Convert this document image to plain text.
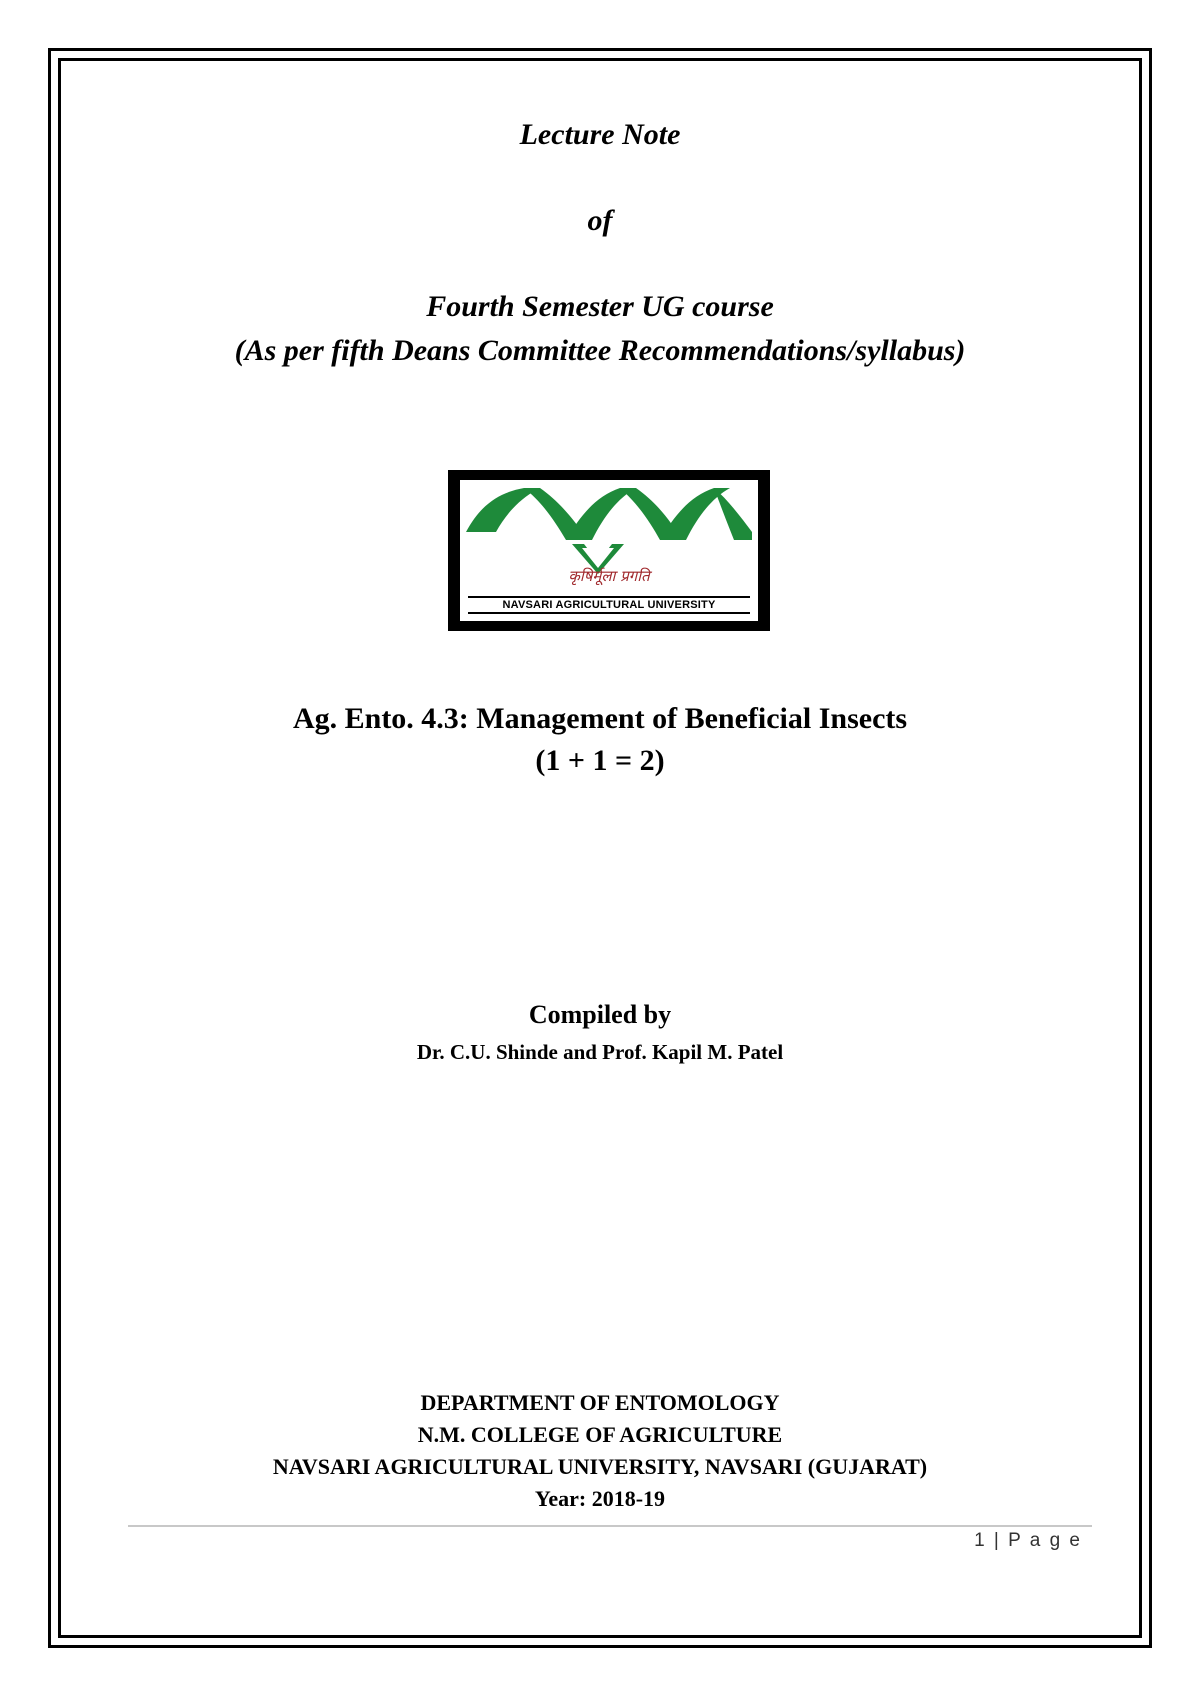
Lecture Note
of
Fourth Semester UG course
(As per fifth Deans Committee Recommendations/syllabus)
कृषिर्मूला प्रगति
NAVSARI AGRICULTURAL UNIVERSITY
Ag. Ento. 4.3: Management of Beneficial Insects
(1 + 1 = 2)
Compiled by
Dr. C.U. Shinde and Prof. Kapil M. Patel
DEPARTMENT OF ENTOMOLOGY
N.M. COLLEGE OF AGRICULTURE
NAVSARI AGRICULTURAL UNIVERSITY, NAVSARI (GUJARAT)
Year: 2018-19
1 | P a g e
